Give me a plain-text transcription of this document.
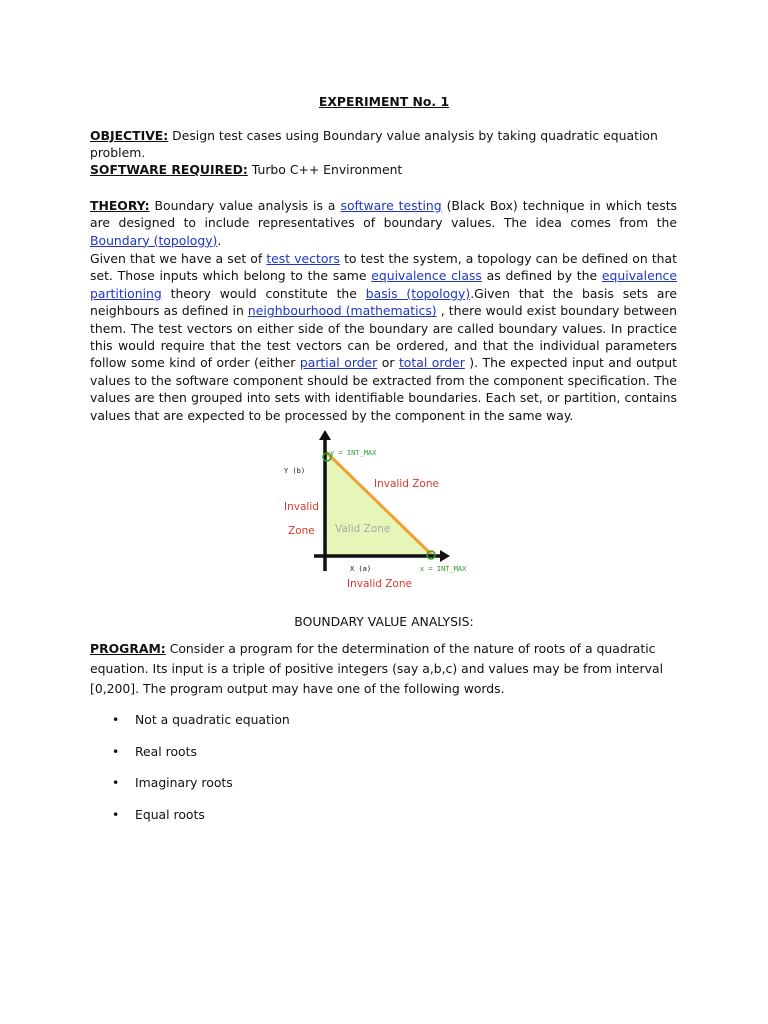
EXPERIMENT No. 1
OBJECTIVE: Design test cases using Boundary value analysis by taking quadratic equation problem.
SOFTWARE REQUIRED: Turbo C++ Environment
THEORY: Boundary value analysis is a software testing (Black Box) technique in which tests are designed to include representatives of boundary values. The idea comes from the Boundary (topology).
Given that we have a set of test vectors to test the system, a topology can be defined on that set. Those inputs which belong to the same equivalence class as defined by the equivalence partitioning theory would constitute the basis (topology).Given that the basis sets are neighbours as defined in neighbourhood (mathematics) , there would exist boundary between them. The test vectors on either side of the boundary are called boundary values. In practice this would require that the test vectors can be ordered, and that the individual parameters follow some kind of order (either partial order or total order ). The expected input and output values to the software component should be extracted from the component specification. The values are then grouped into sets with identifiable boundaries. Each set, or partition, contains values that are expected to be processed by the component in the same way.
y = INT_MAX
Y (b)
Invalid Zone
Invalid
Zone Valid Zone
X (a)	x = INT_MAX
Invalid Zone
BOUNDARY VALUE ANALYSIS:
PROGRAM: Consider a program for the determination of the nature of roots of a quadratic equation. Its input is a triple of positive integers (say a,b,c) and values may be from interval [0,200]. The program output may have one of the following words.
• Not a quadratic equation
• Real roots
• Imaginary roots
• Equal roots
